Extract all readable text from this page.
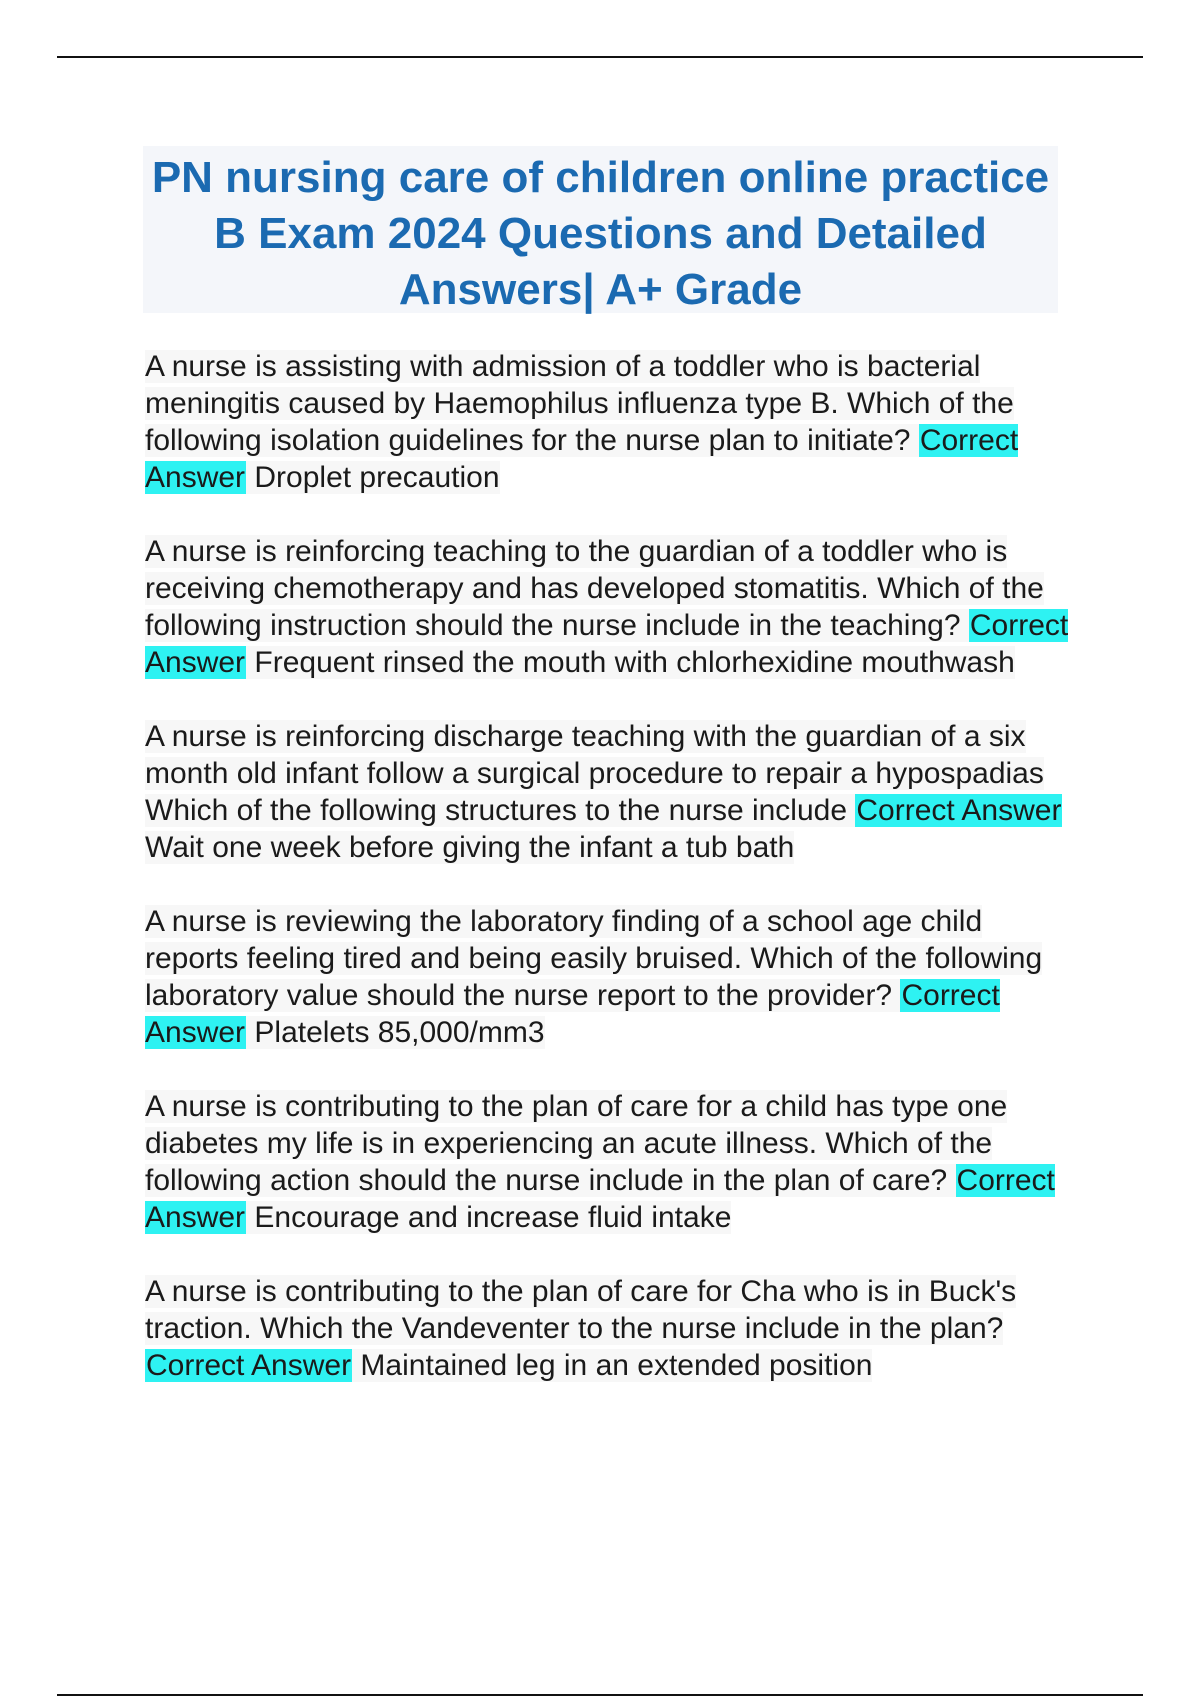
PN nursing care of children online practice B Exam 2024 Questions and Detailed Answers| A+ Grade

A nurse is assisting with admission of a toddler who is bacterial meningitis caused by Haemophilus influenza type B. Which of the following isolation guidelines for the nurse plan to initiate? Correct Answer Droplet precaution

A nurse is reinforcing teaching to the guardian of a toddler who is receiving chemotherapy and has developed stomatitis. Which of the following instruction should the nurse include in the teaching? Correct Answer Frequent rinsed the mouth with chlorhexidine mouthwash

A nurse is reinforcing discharge teaching with the guardian of a six month old infant follow a surgical procedure to repair a hypospadias Which of the following structures to the nurse include Correct Answer Wait one week before giving the infant a tub bath

A nurse is reviewing the laboratory finding of a school age child reports feeling tired and being easily bruised. Which of the following laboratory value should the nurse report to the provider? Correct Answer Platelets 85,000/mm3

A nurse is contributing to the plan of care for a child has type one diabetes my life is in experiencing an acute illness. Which of the following action should the nurse include in the plan of care? Correct Answer Encourage and increase fluid intake

A nurse is contributing to the plan of care for Cha who is in Buck's traction. Which the Vandeventer to the nurse include in the plan? Correct Answer Maintained leg in an extended position
